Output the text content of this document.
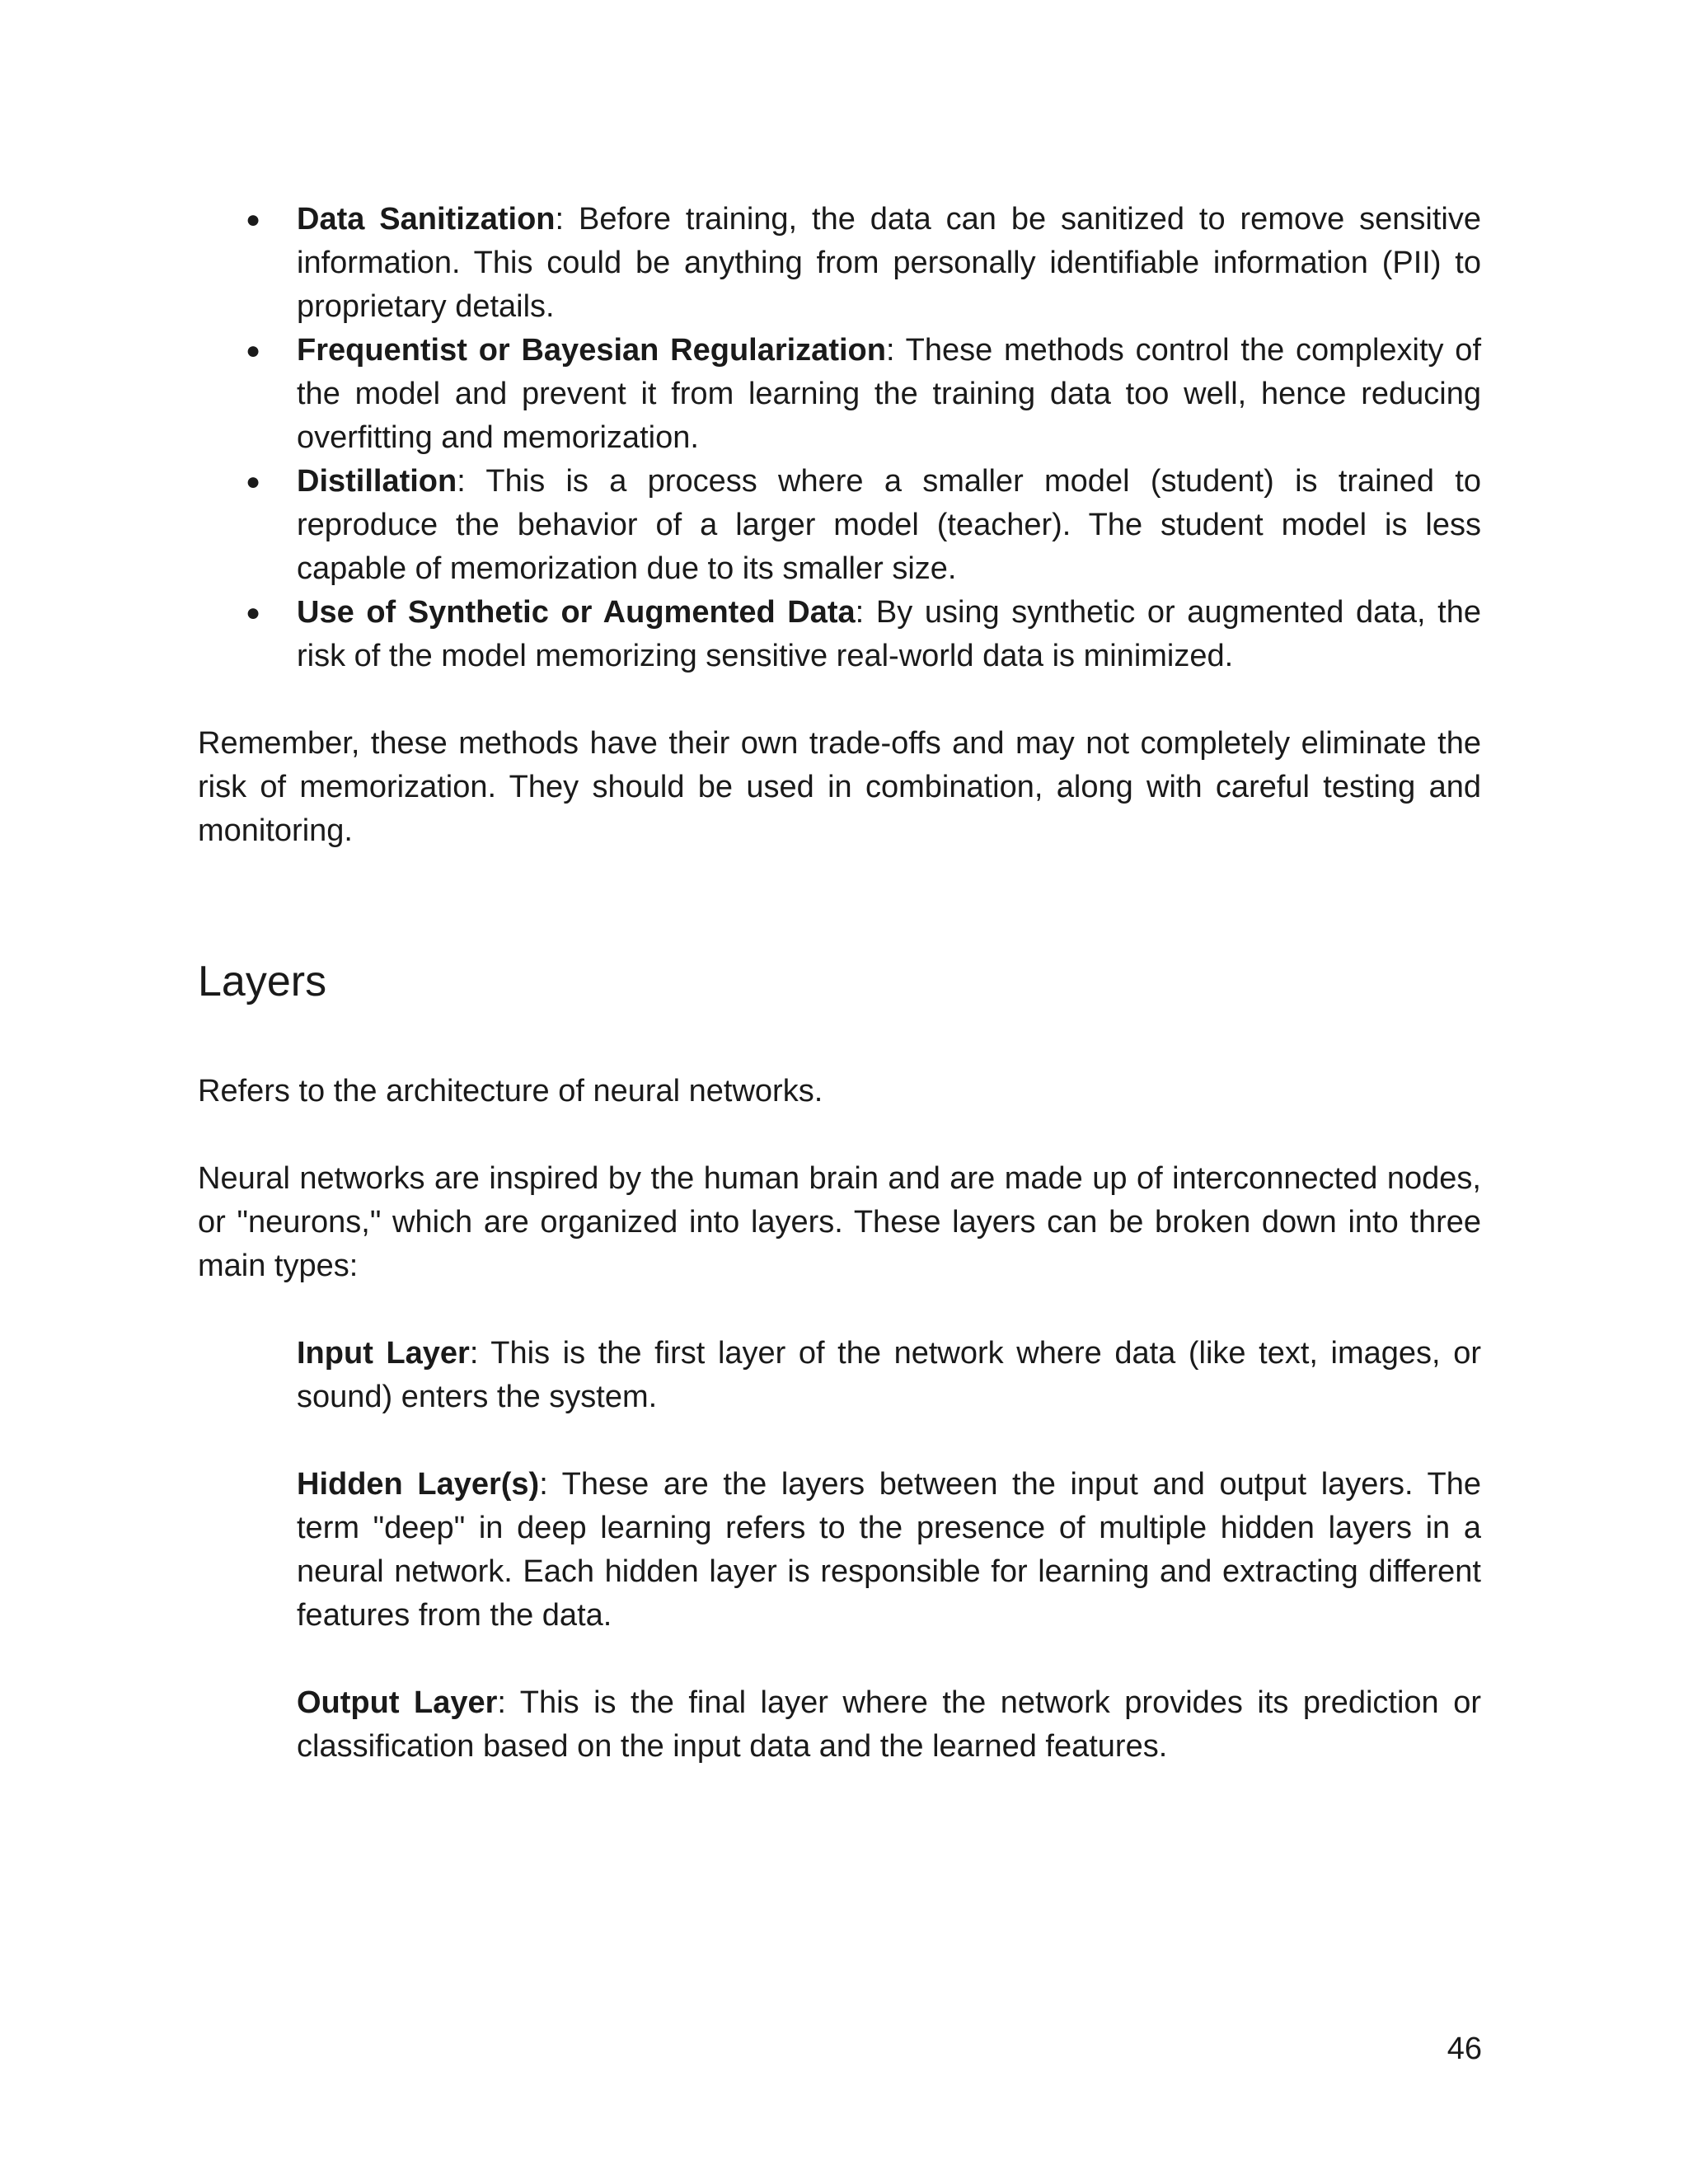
●	Data Sanitization: Before training, the data can be sanitized to remove sensitive information. This could be anything from personally identifiable information (PII) to proprietary details.
●	Frequentist or Bayesian Regularization: These methods control the complexity of the model and prevent it from learning the training data too well, hence reducing overfitting and memorization.
●	Distillation: This is a process where a smaller model (student) is trained to reproduce the behavior of a larger model (teacher). The student model is less capable of memorization due to its smaller size.
●	Use of Synthetic or Augmented Data: By using synthetic or augmented data, the risk of the model memorizing sensitive real-world data is minimized.

Remember, these methods have their own trade-offs and may not completely eliminate the risk of memorization. They should be used in combination, along with careful testing and monitoring.

Layers

Refers to the architecture of neural networks.

Neural networks are inspired by the human brain and are made up of interconnected nodes, or "neurons," which are organized into layers. These layers can be broken down into three main types:

Input Layer: This is the first layer of the network where data (like text, images, or sound) enters the system.

Hidden Layer(s): These are the layers between the input and output layers. The term "deep" in deep learning refers to the presence of multiple hidden layers in a neural network. Each hidden layer is responsible for learning and extracting different features from the data.

Output Layer: This is the final layer where the network provides its prediction or classification based on the input data and the learned features.

46
